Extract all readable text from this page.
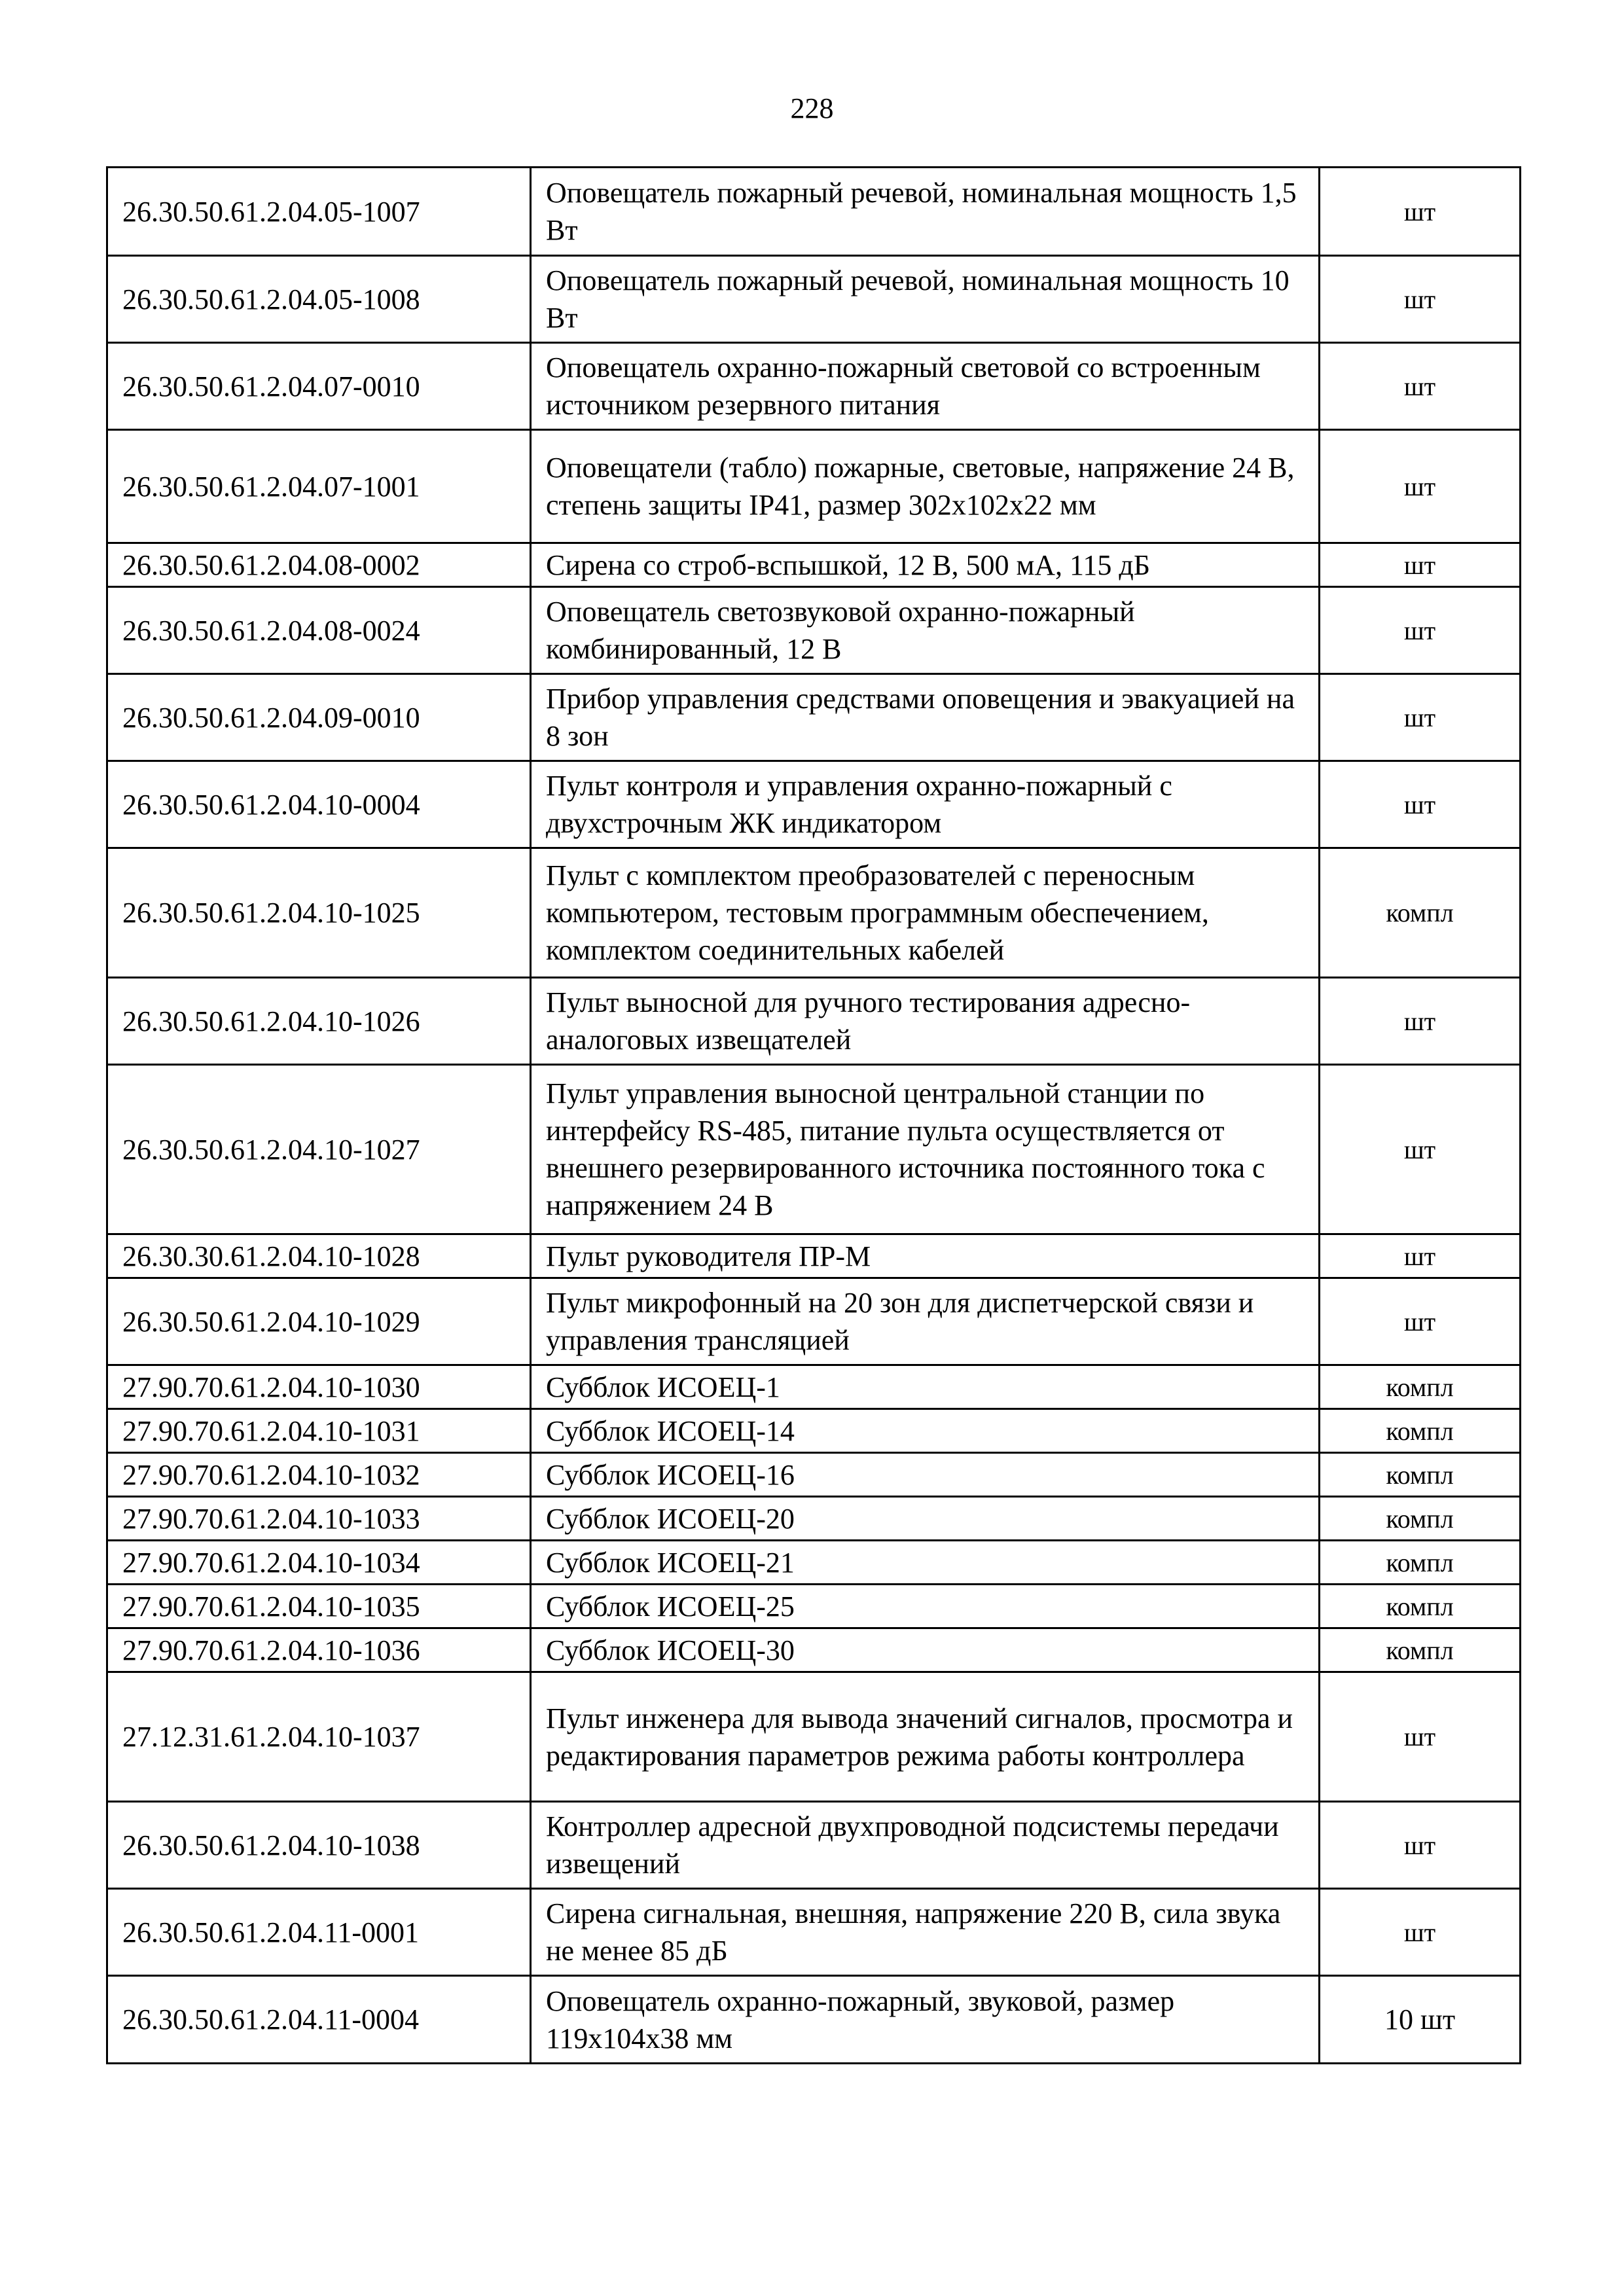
228
26.30.50.61.2.04.05-1007	Оповещатель пожарный речевой, номинальная мощность 1,5 Вт	шт
26.30.50.61.2.04.05-1008	Оповещатель пожарный речевой, номинальная мощность 10 Вт	шт
26.30.50.61.2.04.07-0010	Оповещатель охранно-пожарный световой со встроенным источником резервного питания	шт
26.30.50.61.2.04.07-1001	Оповещатели (табло) пожарные, световые, напряжение 24 В, степень защиты IP41, размер 302х102х22 мм	шт
26.30.50.61.2.04.08-0002	Сирена со строб-вспышкой, 12 В, 500 мА, 115 дБ	шт
26.30.50.61.2.04.08-0024	Оповещатель светозвуковой охранно-пожарный комбинированный, 12 В	шт
26.30.50.61.2.04.09-0010	Прибор управления средствами оповещения и эвакуацией на 8 зон	шт
26.30.50.61.2.04.10-0004	Пульт контроля и управления охранно-пожарный с двухстрочным ЖК индикатором	шт
26.30.50.61.2.04.10-1025	Пульт с комплектом преобразователей с переносным компьютером, тестовым программным обеспечением, комплектом соединительных кабелей	компл
26.30.50.61.2.04.10-1026	Пульт выносной для ручного тестирования адресно-аналоговых извещателей	шт
26.30.50.61.2.04.10-1027	Пульт управления выносной центральной станции по интерфейсу RS-485, питание пульта осуществляется от внешнего резервированного источника постоянного тока с напряжением 24 В	шт
26.30.30.61.2.04.10-1028	Пульт руководителя ПР-М	шт
26.30.50.61.2.04.10-1029	Пульт микрофонный на 20 зон для диспетчерской связи и управления трансляцией	шт
27.90.70.61.2.04.10-1030	Субблок ИСОЕЦ-1	компл
27.90.70.61.2.04.10-1031	Субблок ИСОЕЦ-14	компл
27.90.70.61.2.04.10-1032	Субблок ИСОЕЦ-16	компл
27.90.70.61.2.04.10-1033	Субблок ИСОЕЦ-20	компл
27.90.70.61.2.04.10-1034	Субблок ИСОЕЦ-21	компл
27.90.70.61.2.04.10-1035	Субблок ИСОЕЦ-25	компл
27.90.70.61.2.04.10-1036	Субблок ИСОЕЦ-30	компл
27.12.31.61.2.04.10-1037	Пульт инженера для вывода значений сигналов, просмотра и редактирования параметров режима работы контроллера	шт
26.30.50.61.2.04.10-1038	Контроллер адресной двухпроводной подсистемы передачи извещений	шт
26.30.50.61.2.04.11-0001	Сирена сигнальная, внешняя, напряжение 220 В, сила звука не менее 85 дБ	шт
26.30.50.61.2.04.11-0004	Оповещатель охранно-пожарный, звуковой, размер 119х104х38 мм	10 шт
